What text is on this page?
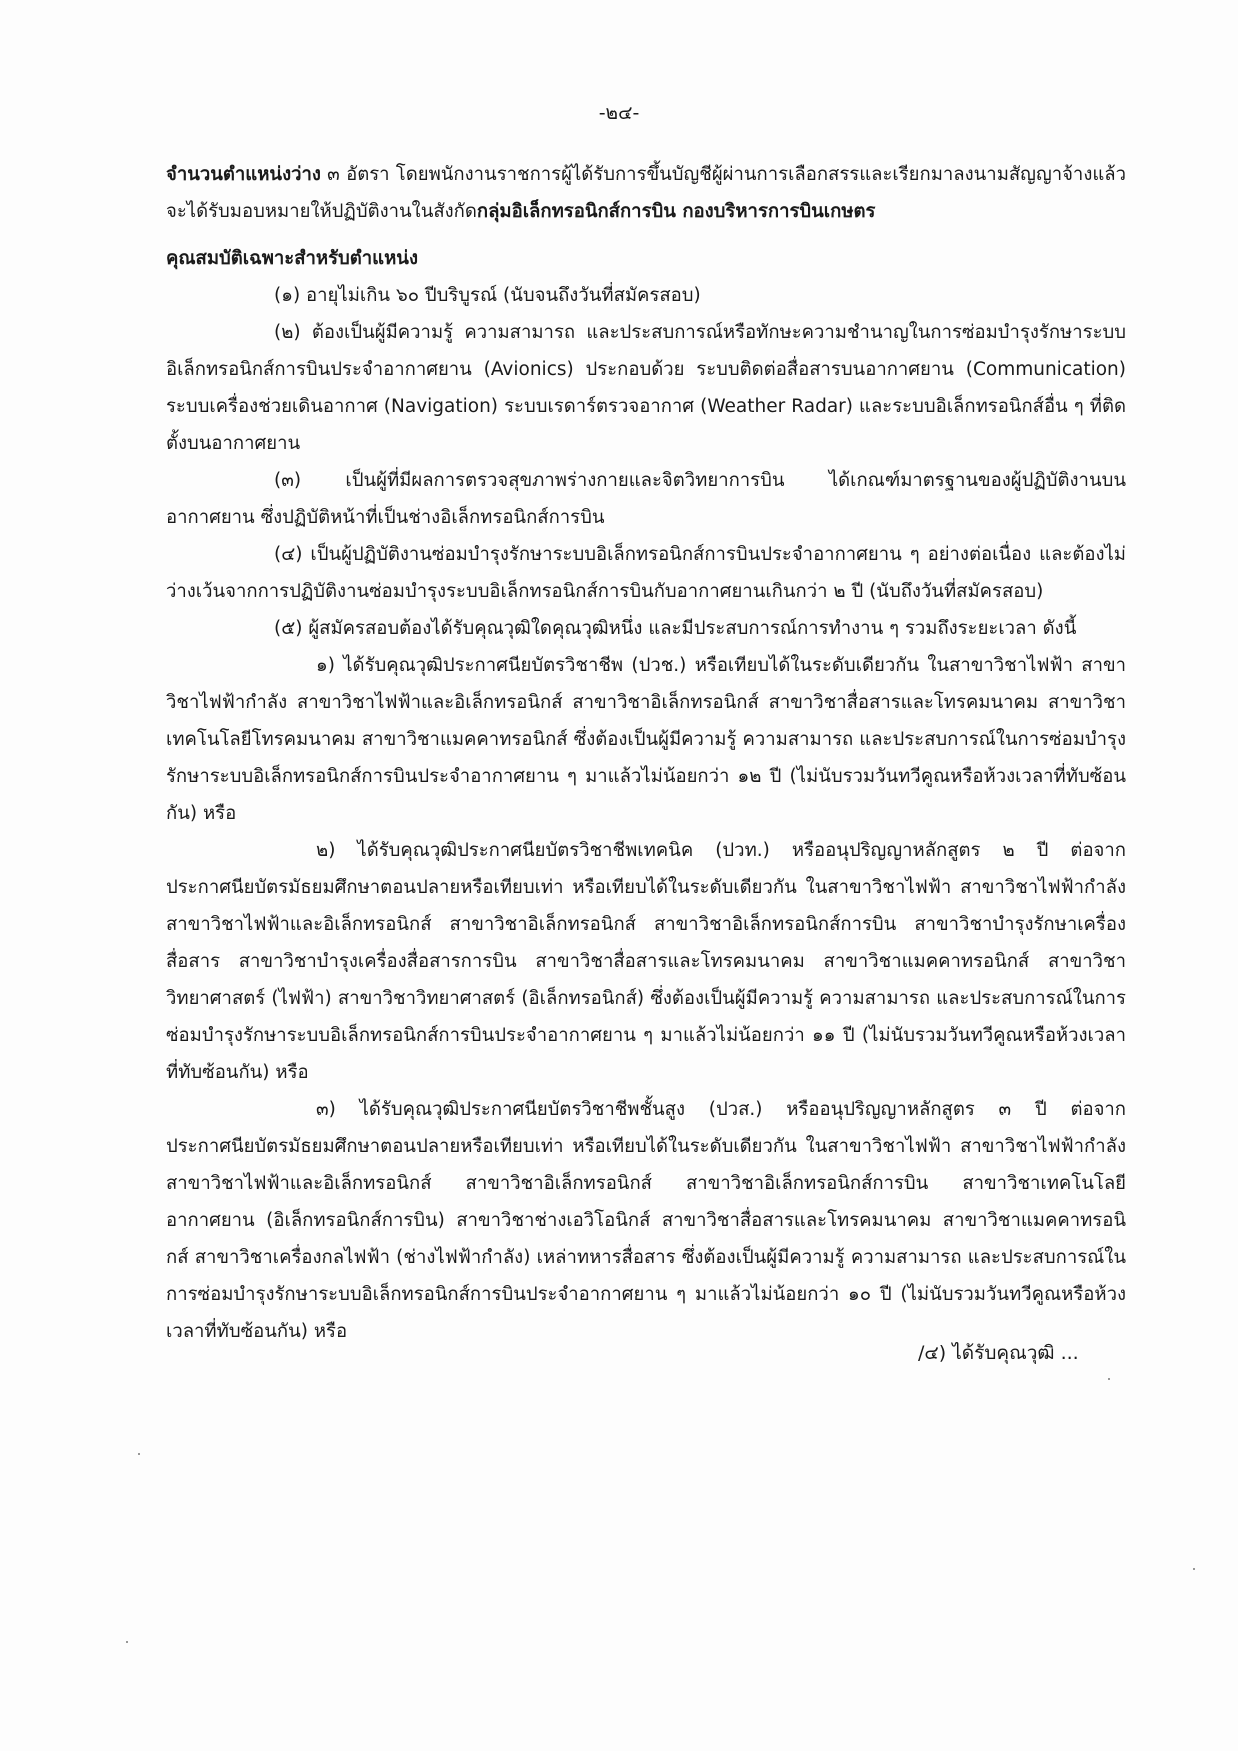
-๒๔-

จำนวนตำแหน่งว่าง ๓ อัตรา โดยพนักงานราชการผู้ได้รับการขึ้นบัญชีผู้ผ่านการเลือกสรรและเรียกมาลงนามสัญญาจ้างแล้ว จะได้รับมอบหมายให้ปฏิบัติงานในสังกัดกลุ่มอิเล็กทรอนิกส์การบิน กองบริหารการบินเกษตร

คุณสมบัติเฉพาะสำหรับตำแหน่ง

(๑) อายุไม่เกิน ๖๐ ปีบริบูรณ์ (นับจนถึงวันที่สมัครสอบ)

(๒) ต้องเป็นผู้มีความรู้ ความสามารถ และประสบการณ์หรือทักษะความชำนาญในการซ่อมบำรุงรักษาระบบอิเล็กทรอนิกส์การบินประจำอากาศยาน (Avionics) ประกอบด้วย ระบบติดต่อสื่อสารบนอากาศยาน (Communication) ระบบเครื่องช่วยเดินอากาศ (Navigation) ระบบเรดาร์ตรวจอากาศ (Weather Radar) และระบบอิเล็กทรอนิกส์อื่น ๆ ที่ติดตั้งบนอากาศยาน

(๓) เป็นผู้ที่มีผลการตรวจสุขภาพร่างกายและจิตวิทยาการบิน ได้เกณฑ์มาตรฐานของผู้ปฏิบัติงานบนอากาศยาน ซึ่งปฏิบัติหน้าที่เป็นช่างอิเล็กทรอนิกส์การบิน

(๔) เป็นผู้ปฏิบัติงานซ่อมบำรุงรักษาระบบอิเล็กทรอนิกส์การบินประจำอากาศยาน ๆ อย่างต่อเนื่อง และต้องไม่ว่างเว้นจากการปฏิบัติงานซ่อมบำรุงระบบอิเล็กทรอนิกส์การบินกับอากาศยานเกินกว่า ๒ ปี (นับถึงวันที่สมัครสอบ)

(๕) ผู้สมัครสอบต้องได้รับคุณวุฒิใดคุณวุฒิหนึ่ง และมีประสบการณ์การทำงาน ๆ รวมถึงระยะเวลา ดังนี้

๑) ได้รับคุณวุฒิประกาศนียบัตรวิชาชีพ (ปวช.) หรือเทียบได้ในระดับเดียวกัน ในสาขาวิชาไฟฟ้า สาขาวิชาไฟฟ้ากำลัง สาขาวิชาไฟฟ้าและอิเล็กทรอนิกส์ สาขาวิชาอิเล็กทรอนิกส์ สาขาวิชาสื่อสารและโทรคมนาคม สาขาวิชาเทคโนโลยีโทรคมนาคม สาขาวิชาแมคคาทรอนิกส์ ซึ่งต้องเป็นผู้มีความรู้ ความสามารถ และประสบการณ์ในการซ่อมบำรุงรักษาระบบอิเล็กทรอนิกส์การบินประจำอากาศยาน ๆ มาแล้วไม่น้อยกว่า ๑๒ ปี (ไม่นับรวมวันทวีคูณหรือห้วงเวลาที่ทับซ้อนกัน) หรือ

๒) ได้รับคุณวุฒิประกาศนียบัตรวิชาชีพเทคนิค (ปวท.) หรืออนุปริญญาหลักสูตร ๒ ปี ต่อจากประกาศนียบัตรมัธยมศึกษาตอนปลายหรือเทียบเท่า หรือเทียบได้ในระดับเดียวกัน ในสาขาวิชาไฟฟ้า สาขาวิชาไฟฟ้ากำลัง สาขาวิชาไฟฟ้าและอิเล็กทรอนิกส์ สาขาวิชาอิเล็กทรอนิกส์ สาขาวิชาอิเล็กทรอนิกส์การบิน สาขาวิชาบำรุงรักษาเครื่องสื่อสาร สาขาวิชาบำรุงเครื่องสื่อสารการบิน สาขาวิชาสื่อสารและโทรคมนาคม สาขาวิชาแมคคาทรอนิกส์ สาขาวิชาวิทยาศาสตร์ (ไฟฟ้า) สาขาวิชาวิทยาศาสตร์ (อิเล็กทรอนิกส์) ซึ่งต้องเป็นผู้มีความรู้ ความสามารถ และประสบการณ์ในการซ่อมบำรุงรักษาระบบอิเล็กทรอนิกส์การบินประจำอากาศยาน ๆ มาแล้วไม่น้อยกว่า ๑๑ ปี (ไม่นับรวมวันทวีคูณหรือห้วงเวลาที่ทับซ้อนกัน) หรือ

๓) ได้รับคุณวุฒิประกาศนียบัตรวิชาชีพชั้นสูง (ปวส.) หรืออนุปริญญาหลักสูตร ๓ ปี ต่อจากประกาศนียบัตรมัธยมศึกษาตอนปลายหรือเทียบเท่า หรือเทียบได้ในระดับเดียวกัน ในสาขาวิชาไฟฟ้า สาขาวิชาไฟฟ้ากำลัง สาขาวิชาไฟฟ้าและอิเล็กทรอนิกส์ สาขาวิชาอิเล็กทรอนิกส์ สาขาวิชาอิเล็กทรอนิกส์การบิน สาขาวิชาเทคโนโลยีอากาศยาน (อิเล็กทรอนิกส์การบิน) สาขาวิชาช่างเอวิโอนิกส์ สาขาวิชาสื่อสารและโทรคมนาคม สาขาวิชาแมคคาทรอนิกส์ สาขาวิชาเครื่องกลไฟฟ้า (ช่างไฟฟ้ากำลัง) เหล่าทหารสื่อสาร ซึ่งต้องเป็นผู้มีความรู้ ความสามารถ และประสบการณ์ในการซ่อมบำรุงรักษาระบบอิเล็กทรอนิกส์การบินประจำอากาศยาน ๆ มาแล้วไม่น้อยกว่า ๑๐ ปี (ไม่นับรวมวันทวีคูณหรือห้วงเวลาที่ทับซ้อนกัน) หรือ

/๔) ได้รับคุณวุฒิ ...
